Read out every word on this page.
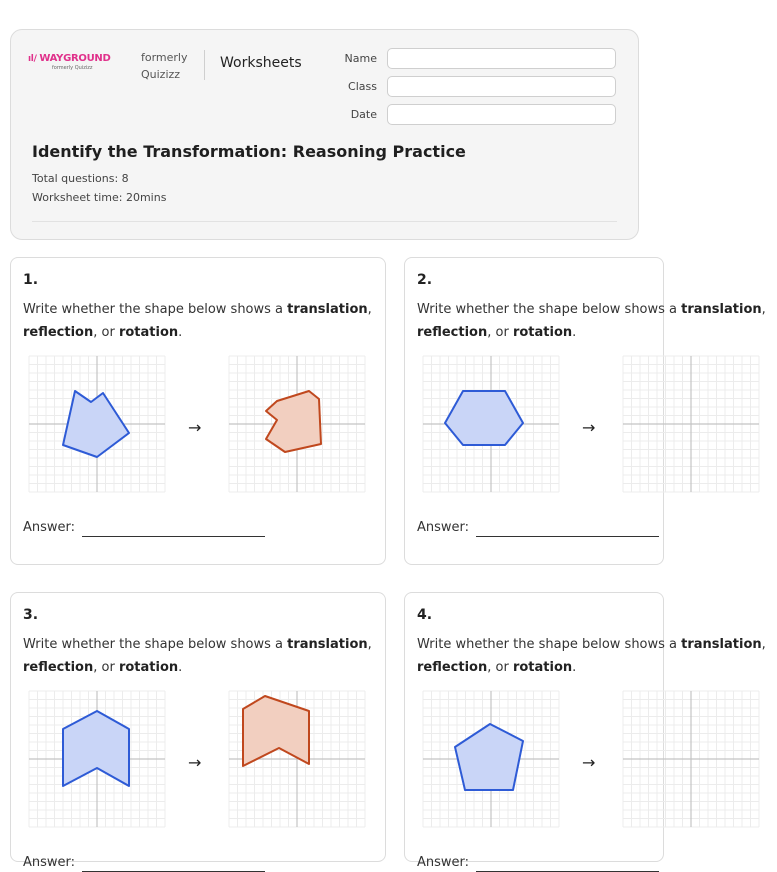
ıl/ WAYGROUND
formerly Quizizz
formerly
Quizizz
Worksheets	Name
Class
Date
Identify the Transformation: Reasoning Practice
Total questions: 8
Worksheet time: 20mins
1.
Write whether the shape below shows a translation,
reflection, or rotation.
→
Answer:
2.
Write whether the shape below shows a translation,
reflection, or rotation.
→
Answer:
3.
Write whether the shape below shows a translation,
reflection, or rotation.
→
Answer:
4.
Write whether the shape below shows a translation,
reflection, or rotation.
→
Answer:
